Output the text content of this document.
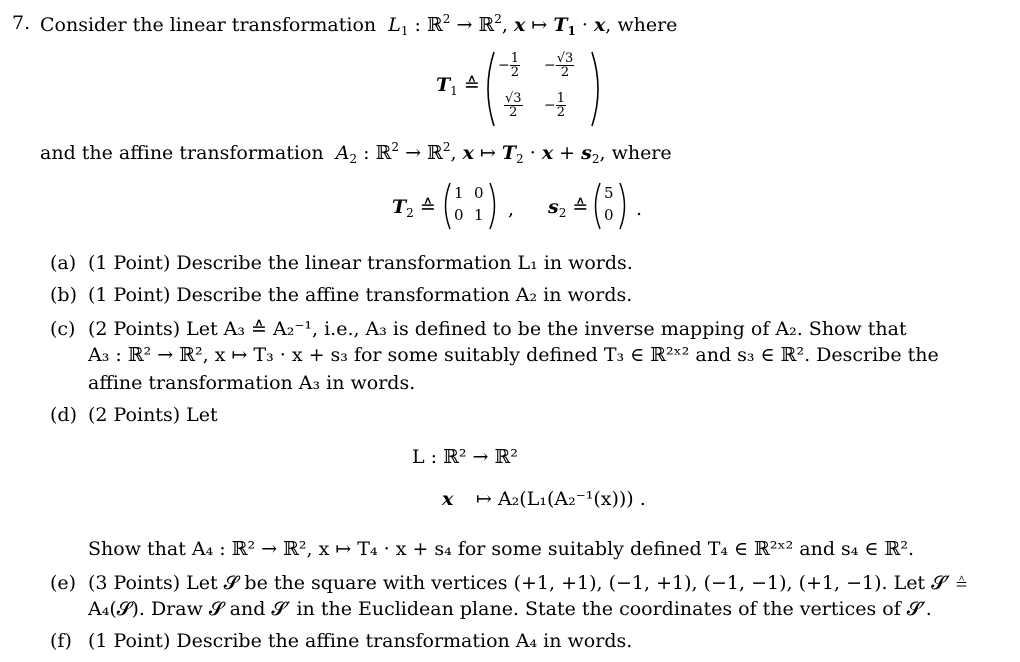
7. Consider the linear transformation $L_1$ : ℝ$^2$ → ℝ$^2$, x ↦ $T_1 \cdot x$, where
$T_1$ ≙
− $\frac{1}{2} - \frac{√3}{2}$
$\frac{√3}{2} - \frac{1}{2}$
and the affine transformation  $A_2$ : ℝ$^2$ → ℝ$^2$, x ↦ $T_2 \cdot x + s_2$, where
$T_2$ ≙
1 0
0 1 , $s_2$ ≙
5
0 .
(a) (1 Point) Describe the linear transformation L₁ in words.
(b) (1 Point) Describe the affine transformation A₂ in words.
(c) (2 Points) Let A₃ ≙ A₂⁻¹, i.e., A₃ is defined to be the inverse mapping of A₂. Show that
A₃ : ℝ² → ℝ², x ↦ T₃ · x + s₃ for some suitably defined T₃ ∈ ℝ²ˣ² and s₃ ∈ ℝ². Describe the
affine transformation A₃ in words.
(d) (2 Points) Let
L : ℝ² → ℝ²
x ↦ A₂(L₁(A₂⁻¹(x))) .
Show that A₄ : ℝ² → ℝ², x ↦ T₄ · x + s₄ for some suitably defined T₄ ∈ ℝ²ˣ² and s₄ ∈ ℝ².
(e) (3 Points) Let 𝓢 be the square with vertices (+1, +1), (−1, +1), (−1, −1), (+1, −1). Let 𝓢′ ≙
A₄(𝓢). Draw 𝓢 and 𝓢′ in the Euclidean plane. State the coordinates of the vertices of 𝓢′.
(f) (1 Point) Describe the affine transformation A₄ in words.
